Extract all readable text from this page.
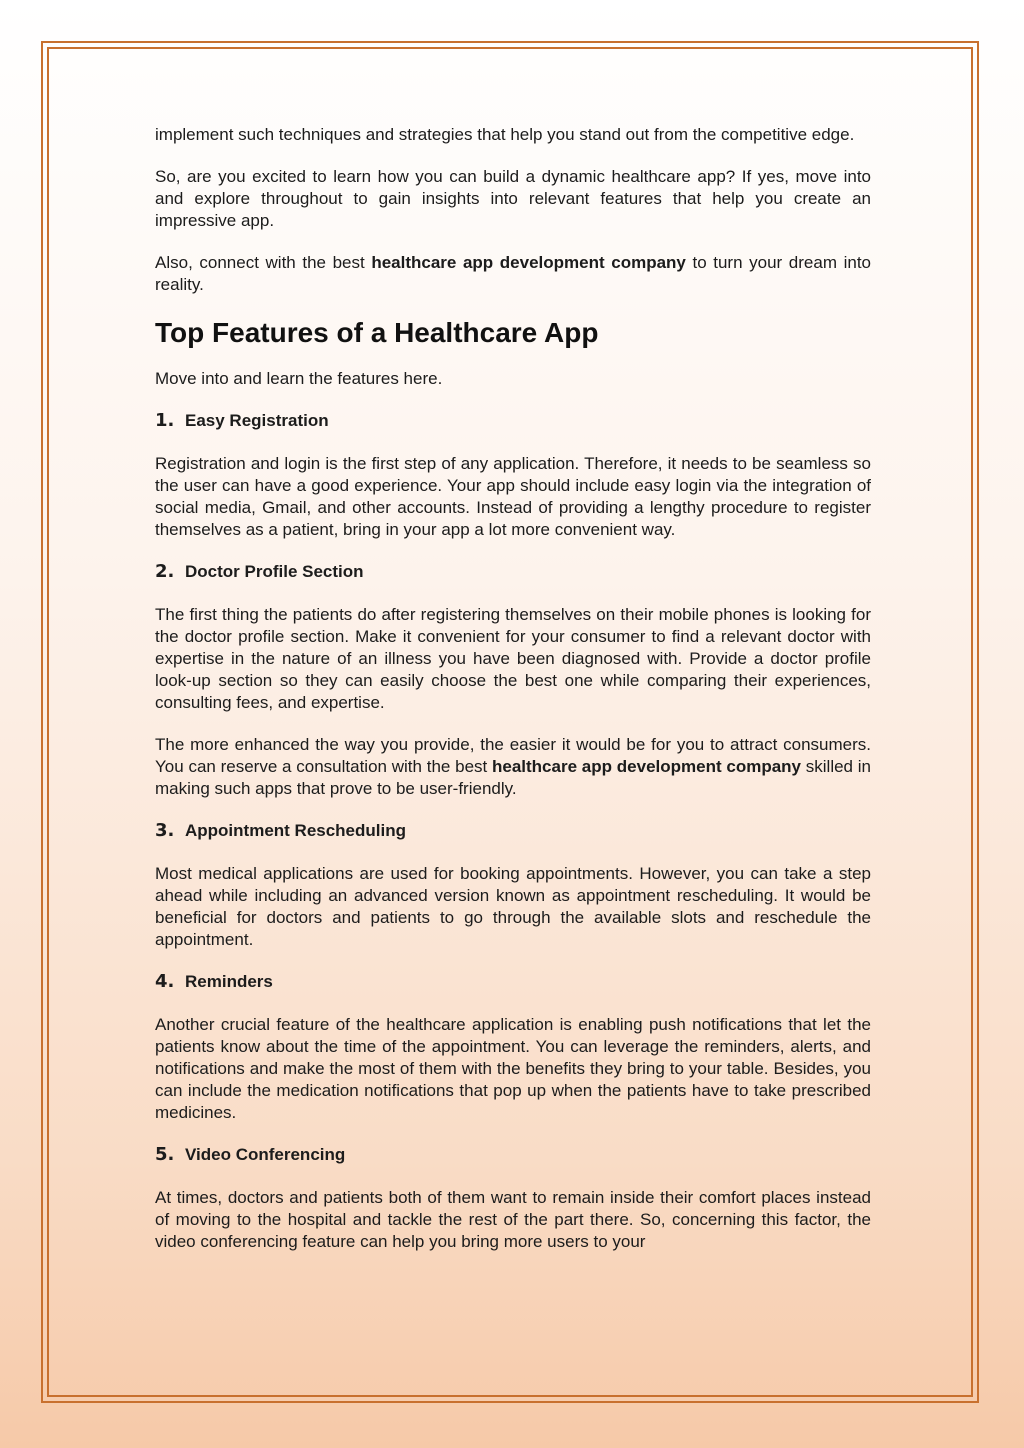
implement such techniques and strategies that help you stand out from the competitive edge.

So, are you excited to learn how you can build a dynamic healthcare app? If yes, move into and explore throughout to gain insights into relevant features that help you create an impressive app.

Also, connect with the best healthcare app development company to turn your dream into reality.

Top Features of a Healthcare App

Move into and learn the features here.

1. Easy Registration

Registration and login is the first step of any application. Therefore, it needs to be seamless so the user can have a good experience. Your app should include easy login via the integration of social media, Gmail, and other accounts. Instead of providing a lengthy procedure to register themselves as a patient, bring in your app a lot more convenient way.

2. Doctor Profile Section

The first thing the patients do after registering themselves on their mobile phones is looking for the doctor profile section. Make it convenient for your consumer to find a relevant doctor with expertise in the nature of an illness you have been diagnosed with. Provide a doctor profile look-up section so they can easily choose the best one while comparing their experiences, consulting fees, and expertise.

The more enhanced the way you provide, the easier it would be for you to attract consumers. You can reserve a consultation with the best healthcare app development company skilled in making such apps that prove to be user-friendly.

3. Appointment Rescheduling

Most medical applications are used for booking appointments. However, you can take a step ahead while including an advanced version known as appointment rescheduling. It would be beneficial for doctors and patients to go through the available slots and reschedule the appointment.

4. Reminders

Another crucial feature of the healthcare application is enabling push notifications that let the patients know about the time of the appointment. You can leverage the reminders, alerts, and notifications and make the most of them with the benefits they bring to your table. Besides, you can include the medication notifications that pop up when the patients have to take prescribed medicines.

5. Video Conferencing

At times, doctors and patients both of them want to remain inside their comfort places instead of moving to the hospital and tackle the rest of the part there. So, concerning this factor, the video conferencing feature can help you bring more users to your
